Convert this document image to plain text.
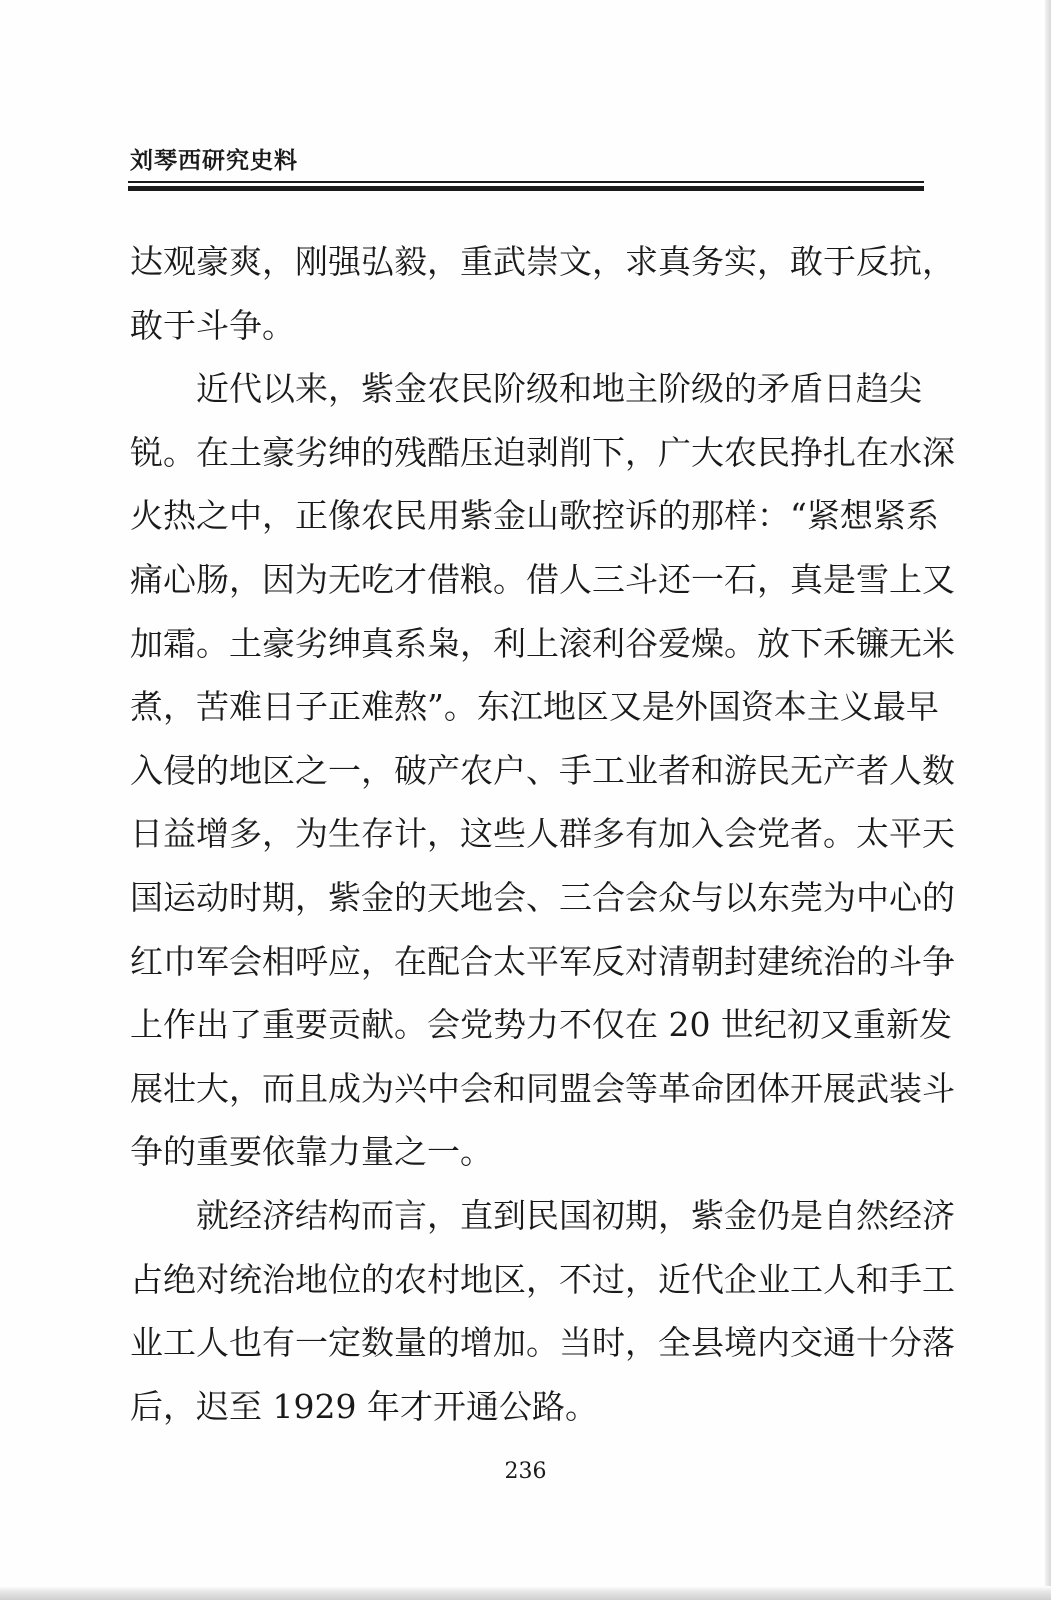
刘琴西研究史料
达观豪爽，刚强弘毅，重武崇文，求真务实，敢于反抗，
敢于斗争。
近代以来，紫金农民阶级和地主阶级的矛盾日趋尖
锐。在土豪劣绅的残酷压迫剥削下，广大农民挣扎在水深
火热之中，正像农民用紫金山歌控诉的那样：“紧想紧系
痛心肠，因为无吃才借粮。借人三斗还一石，真是雪上又
加霜。土豪劣绅真系枭，利上滚利谷爱燥。放下禾镰无米
煮，苦难日子正难熬”。东江地区又是外国资本主义最早
入侵的地区之一，破产农户、手工业者和游民无产者人数
日益增多，为生存计，这些人群多有加入会党者。太平天
国运动时期，紫金的天地会、三合会众与以东莞为中心的
红巾军会相呼应，在配合太平军反对清朝封建统治的斗争
上作出了重要贡献。会党势力不仅在 20 世纪初又重新发
展壮大，而且成为兴中会和同盟会等革命团体开展武装斗
争的重要依靠力量之一。
就经济结构而言，直到民国初期，紫金仍是自然经济
占绝对统治地位的农村地区，不过，近代企业工人和手工
业工人也有一定数量的增加。当时，全县境内交通十分落
后，迟至 1929 年才开通公路。
236
